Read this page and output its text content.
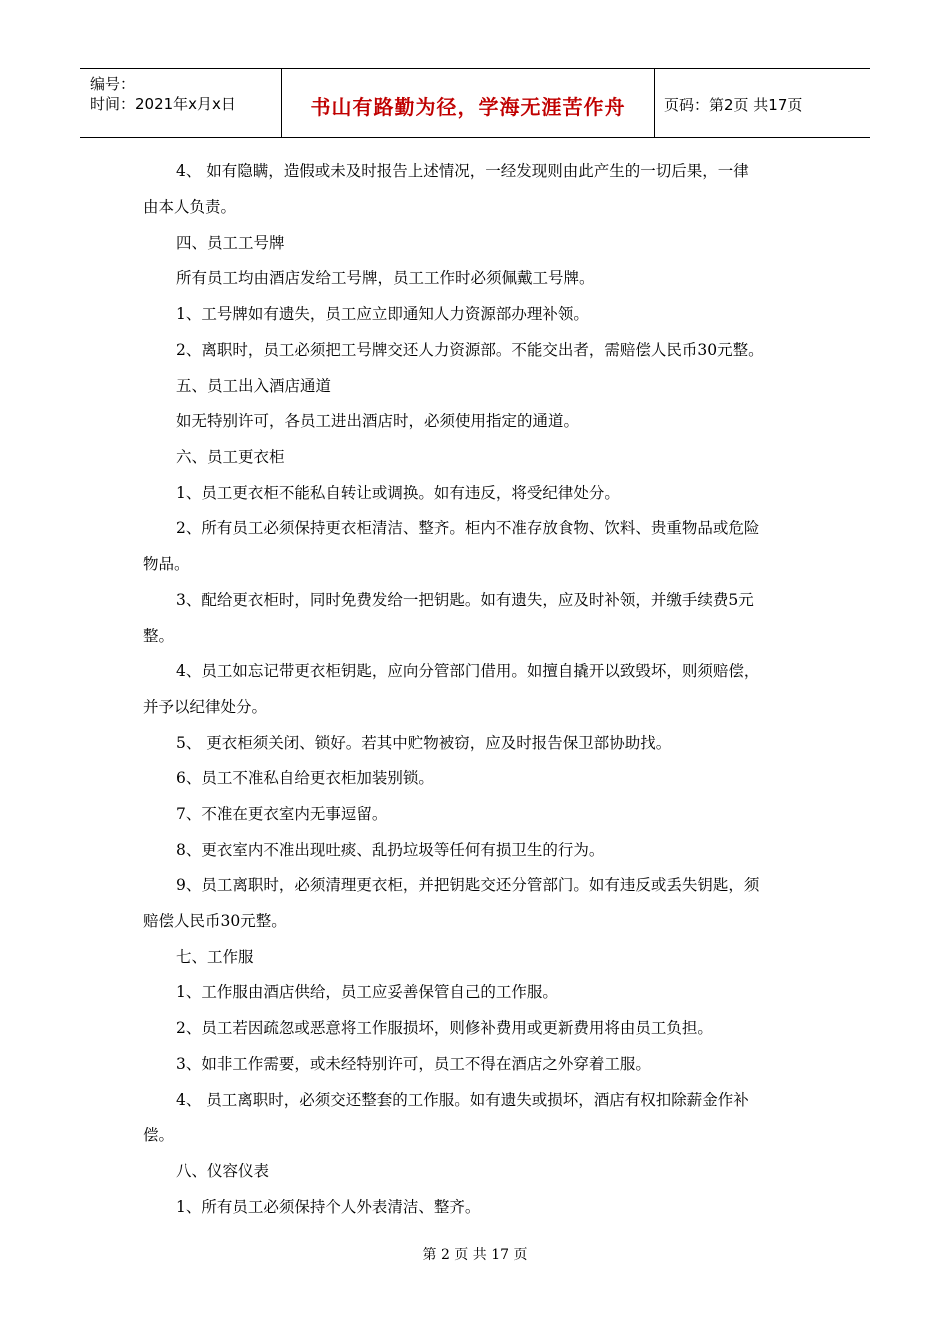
编号：
时间：2021年x月x日	书山有路勤为径，学海无涯苦作舟	页码：第2页 共17页
4、 如有隐瞒，造假或未及时报告上述情况，一经发现则由此产生的一切后果，一律
由本人负责。
四、员工工号牌
所有员工均由酒店发给工号牌，员工工作时必须佩戴工号牌。
1、工号牌如有遗失，员工应立即通知人力资源部办理补领。
2、离职时，员工必须把工号牌交还人力资源部。不能交出者，需赔偿人民币30元整。
五、员工出入酒店通道
如无特别许可，各员工进出酒店时，必须使用指定的通道。
六、员工更衣柜
1、员工更衣柜不能私自转让或调换。如有违反，将受纪律处分。
2、所有员工必须保持更衣柜清洁、整齐。柜内不准存放食物、饮料、贵重物品或危险
物品。
3、配给更衣柜时，同时免费发给一把钥匙。如有遗失，应及时补领，并缴手续费5元
整。
4、员工如忘记带更衣柜钥匙，应向分管部门借用。如擅自撬开以致毁坏，则须赔偿，
并予以纪律处分。
5、 更衣柜须关闭、锁好。若其中贮物被窃，应及时报告保卫部协助找。
6、员工不准私自给更衣柜加装别锁。
7、不准在更衣室内无事逗留。
8、更衣室内不准出现吐痰、乱扔垃圾等任何有损卫生的行为。
9、员工离职时，必须清理更衣柜，并把钥匙交还分管部门。如有违反或丢失钥匙，须
赔偿人民币30元整。
七、工作服
1、工作服由酒店供给，员工应妥善保管自己的工作服。
2、员工若因疏忽或恶意将工作服损坏，则修补费用或更新费用将由员工负担。
3、如非工作需要，或未经特别许可，员工不得在酒店之外穿着工服。
4、 员工离职时，必须交还整套的工作服。如有遗失或损坏，酒店有权扣除薪金作补
偿。
八、仪容仪表
1、所有员工必须保持个人外表清洁、整齐。
第 2 页 共 17 页
